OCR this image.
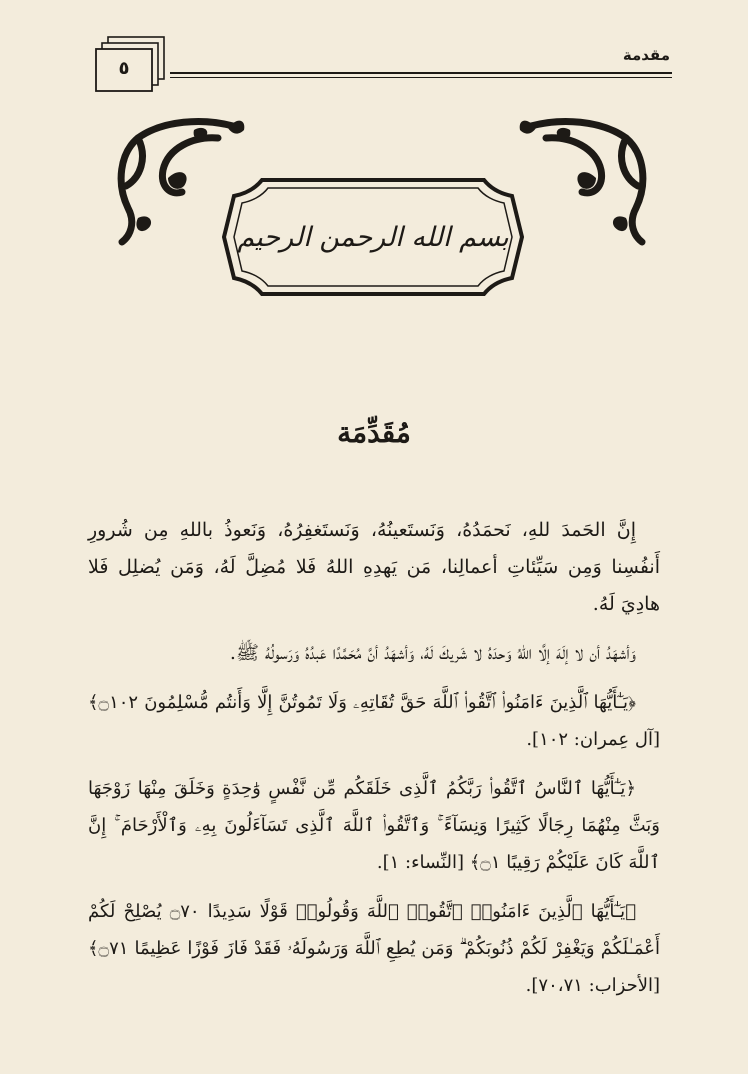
مقدمة
٥
بسم الله الرحمن الرحيم
مُقَدِّمَة

إِنَّ الحَمدَ للهِ، نَحمَدُهُ، وَنَستَعينُهُ، وَنَستَغفِرُهُ، وَنَعوذُ باللهِ مِن شُرورِ أَنفُسِنا وَمِن سَيِّئاتِ أعمالِنا، مَن يَهدِهِ اللهُ فَلا مُضِلَّ لَهُ، وَمَن يُضلِل فَلا هادِيَ لَهُ.

وَأشهَدُ أن لا إلَهَ إلَّا اللهُ وَحدَهُ لا شَريكَ لَهُ، وَأشهَدُ أنَّ مُحَمَّدًا عَبدُهُ وَرَسولُهُ ﷺ.

﴿يَـٰٓأَيُّهَا ٱلَّذِينَ ءَامَنُوا۟ ٱتَّقُوا۟ ٱللَّهَ حَقَّ تُقَاتِهِۦ وَلَا تَمُوتُنَّ إِلَّا وَأَنتُم مُّسْلِمُونَ ۝١٠٢﴾ [آل عِمران: ١٠٢].

﴿يَـٰٓأَيُّهَا ٱلنَّاسُ ٱتَّقُوا۟ رَبَّكُمُ ٱلَّذِى خَلَقَكُم مِّن نَّفْسٍ وَٰحِدَةٍ وَخَلَقَ مِنْهَا زَوْجَهَا وَبَثَّ مِنْهُمَا رِجَالًا كَثِيرًا وَنِسَآءً ۚ وَٱتَّقُوا۟ ٱللَّهَ ٱلَّذِى تَسَآءَلُونَ بِهِۦ وَٱلْأَرْحَامَ ۚ إِنَّ ٱللَّهَ كَانَ عَلَيْكُمْ رَقِيبًا ۝١﴾ [النِّساء: ١].

﴿يَـٰٓأَيُّهَا ٱلَّذِينَ ءَامَنُوا۟ ٱتَّقُوا۟ ٱللَّهَ وَقُولُوا۟ قَوْلًا سَدِيدًا ۝٧٠ يُصْلِحْ لَكُمْ أَعْمَـٰلَكُمْ وَيَغْفِرْ لَكُمْ ذُنُوبَكُمْ ۗ وَمَن يُطِعِ ٱللَّهَ وَرَسُولَهُۥ فَقَدْ فَازَ فَوْزًا عَظِيمًا ۝٧١﴾ [الأحزاب: ٧٠،٧١].
